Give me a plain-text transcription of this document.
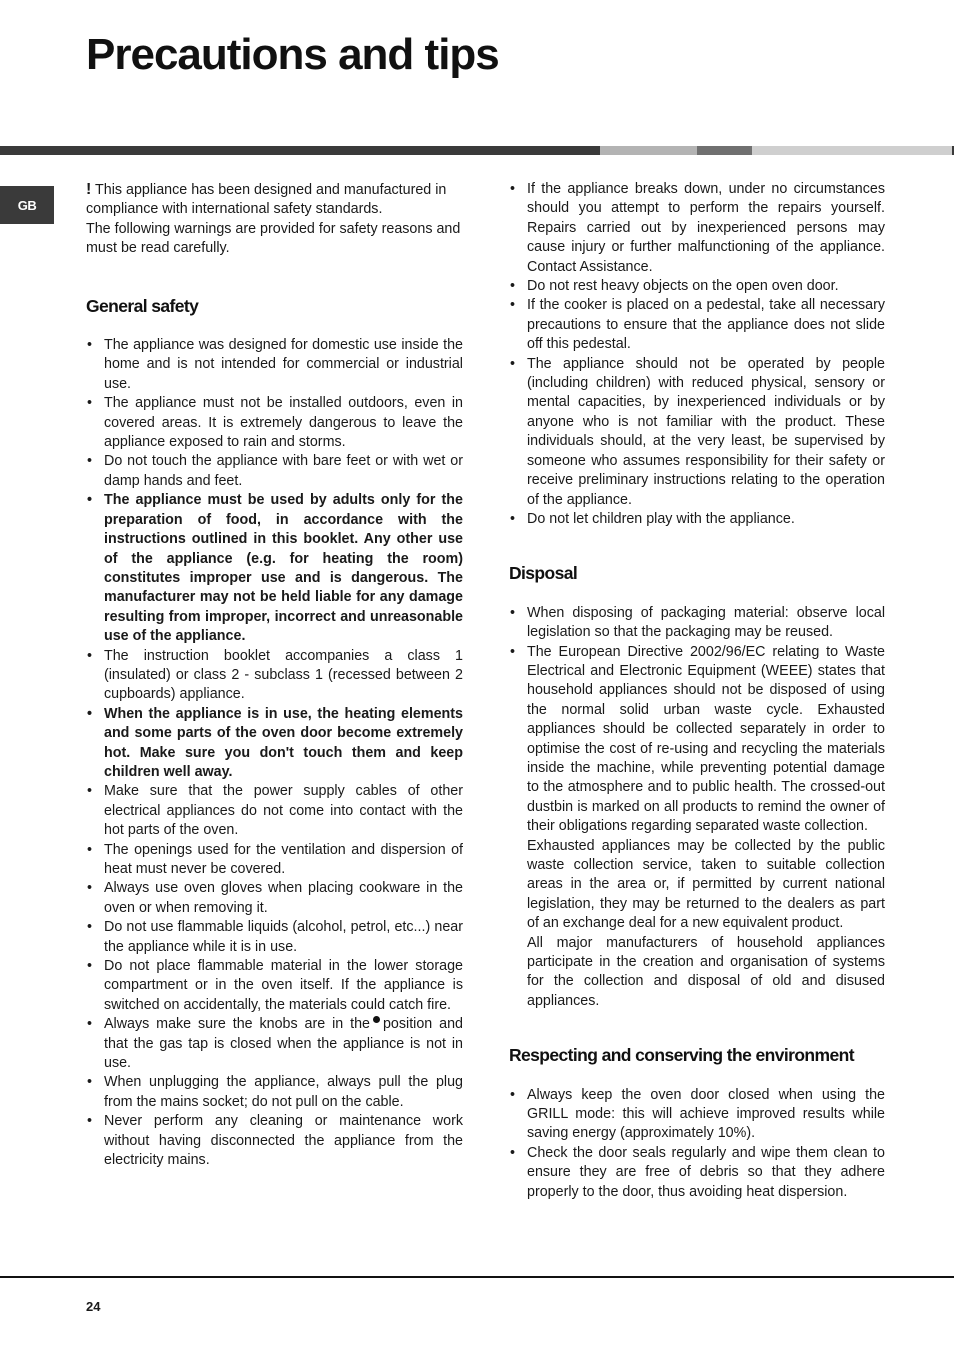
Precautions and tips
GB

! This appliance has been designed and manufactured in compliance with international safety standards.
The following warnings are provided for safety reasons and must be read carefully.

General safety
• The appliance was designed for domestic use inside the home and is not intended for commercial or industrial use.
• The appliance must not be installed outdoors, even in covered areas. It is extremely dangerous to leave the appliance exposed to rain and storms.
• Do not touch the appliance with bare feet or with wet or damp hands and feet.
• The appliance must be used by adults only for the preparation of food, in accordance with the instructions outlined in this booklet. Any other use of the appliance (e.g. for heating the room) constitutes improper use and is dangerous. The manufacturer may not be held liable for any damage resulting from improper, incorrect and unreasonable use of the appliance.
• The instruction booklet accompanies a class 1 (insulated) or class 2 - subclass 1 (recessed between 2 cupboards) appliance.
• When the appliance is in use, the heating elements and some parts of the oven door become extremely hot. Make sure you don't touch them and keep children well away.
• Make sure that the power supply cables of other electrical appliances do not come into contact with the hot parts of the oven.
• The openings used for the ventilation and dispersion of heat must never be covered.
• Always use oven gloves when placing cookware in the oven or when removing it.
• Do not use flammable liquids (alcohol, petrol, etc...) near the appliance while it is in use.
• Do not place flammable material in the lower storage compartment or in the oven itself. If the appliance is switched on accidentally, the materials could catch fire.
• Always make sure the knobs are in the position and that the gas tap is closed when the appliance is not in use.
• When unplugging the appliance, always pull the plug from the mains socket; do not pull on the cable.
• Never perform any cleaning or maintenance work without having disconnected the appliance from the electricity mains.
• If the appliance breaks down, under no circumstances should you attempt to perform the repairs yourself. Repairs carried out by inexperienced persons may cause injury or further malfunctioning of the appliance. Contact Assistance.
• Do not rest heavy objects on the open oven door.
• If the cooker is placed on a pedestal, take all necessary precautions to ensure that the appliance does not slide off this pedestal.
• The appliance should not be operated by people (including children) with reduced physical, sensory or mental capacities, by inexperienced individuals or by anyone who is not familiar with the product. These individuals should, at the very least, be supervised by someone who assumes responsibility for their safety or receive preliminary instructions relating to the operation of the appliance.
• Do not let children play with the appliance.
Disposal
• When disposing of packaging material: observe local legislation so that the packaging may be reused.
• The European Directive 2002/96/EC relating to Waste Electrical and Electronic Equipment (WEEE) states that household appliances should not be disposed of using the normal solid urban waste cycle. Exhausted appliances should be collected separately in order to optimise the cost of re-using and recycling the materials inside the machine, while preventing potential damage to the atmosphere and to public health. The crossed-out dustbin is marked on all products to remind the owner of their obligations regarding separated waste collection.
Exhausted appliances may be collected by the public waste collection service, taken to suitable collection areas in the area or, if permitted by current national legislation, they may be returned to the dealers as part of an exchange deal for a new equivalent product.
All major manufacturers of household appliances participate in the creation and organisation of systems for the collection and disposal of old and disused appliances.
Respecting and conserving the environment
• Always keep the oven door closed when using the GRILL mode: this will achieve improved results while saving energy (approximately 10%).
• Check the door seals regularly and wipe them clean to ensure they are free of debris so that they adhere properly to the door, thus avoiding heat dispersion.
24
